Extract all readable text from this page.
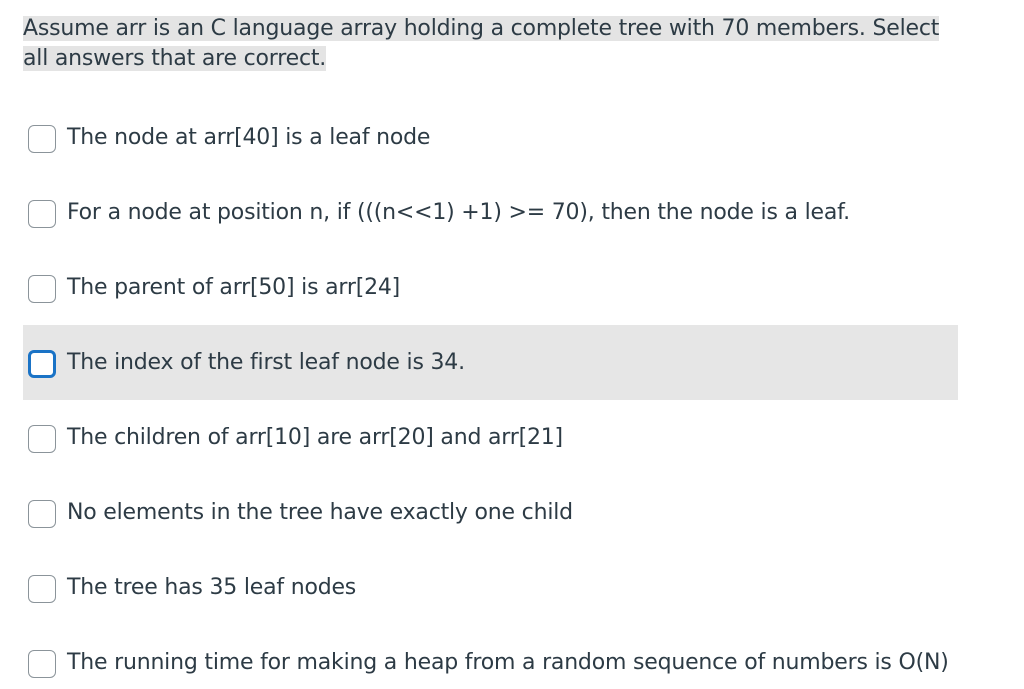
Assume arr is an C language array holding a complete tree with 70 members. Select all answers that are correct.
The node at arr[40] is a leaf node
For a node at position n, if (((n<<1) +1) >= 70), then the node is a leaf.
The parent of arr[50] is arr[24]
The index of the first leaf node is 34.
The children of arr[10] are arr[20] and arr[21]
No elements in the tree have exactly one child
The tree has 35 leaf nodes
The running time for making a heap from a random sequence of numbers is O(N)
